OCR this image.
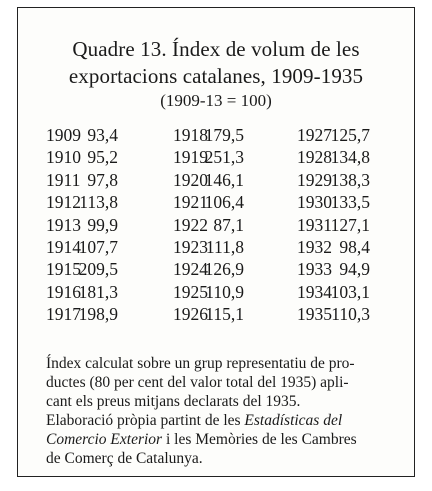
Quadre 13. Índex de volum de les
exportacions catalanes, 1909-1935
(1909-13 = 100)
1909 93,4
1910 95,2
1911 97,8
1912
113,8
1913 99,9
1914
107,7
1915
209,5
1916
181,3
1917
198,9
1918
179,5
1919
251,3
1920
146,1
1921
106,4
1922 87,1
1923
111,8
1924
126,9
1925
110,9
1926
115,1
1927
125,7
1928
134,8
1929
138,3
1930
133,5
1931
127,1
1932 98,4
1933 94,9
1934
103,1
1935 110,3
Índex calculat sobre un grup representatiu de pro-
ductes (80 per cent del valor total del 1935) apli-
cant els preus mitjans declarats del 1935.
Elaboració pròpia partint de les Estadísticas del
Comercio Exterior i les Memòries de les Cambres
de Comerç de Catalunya.
